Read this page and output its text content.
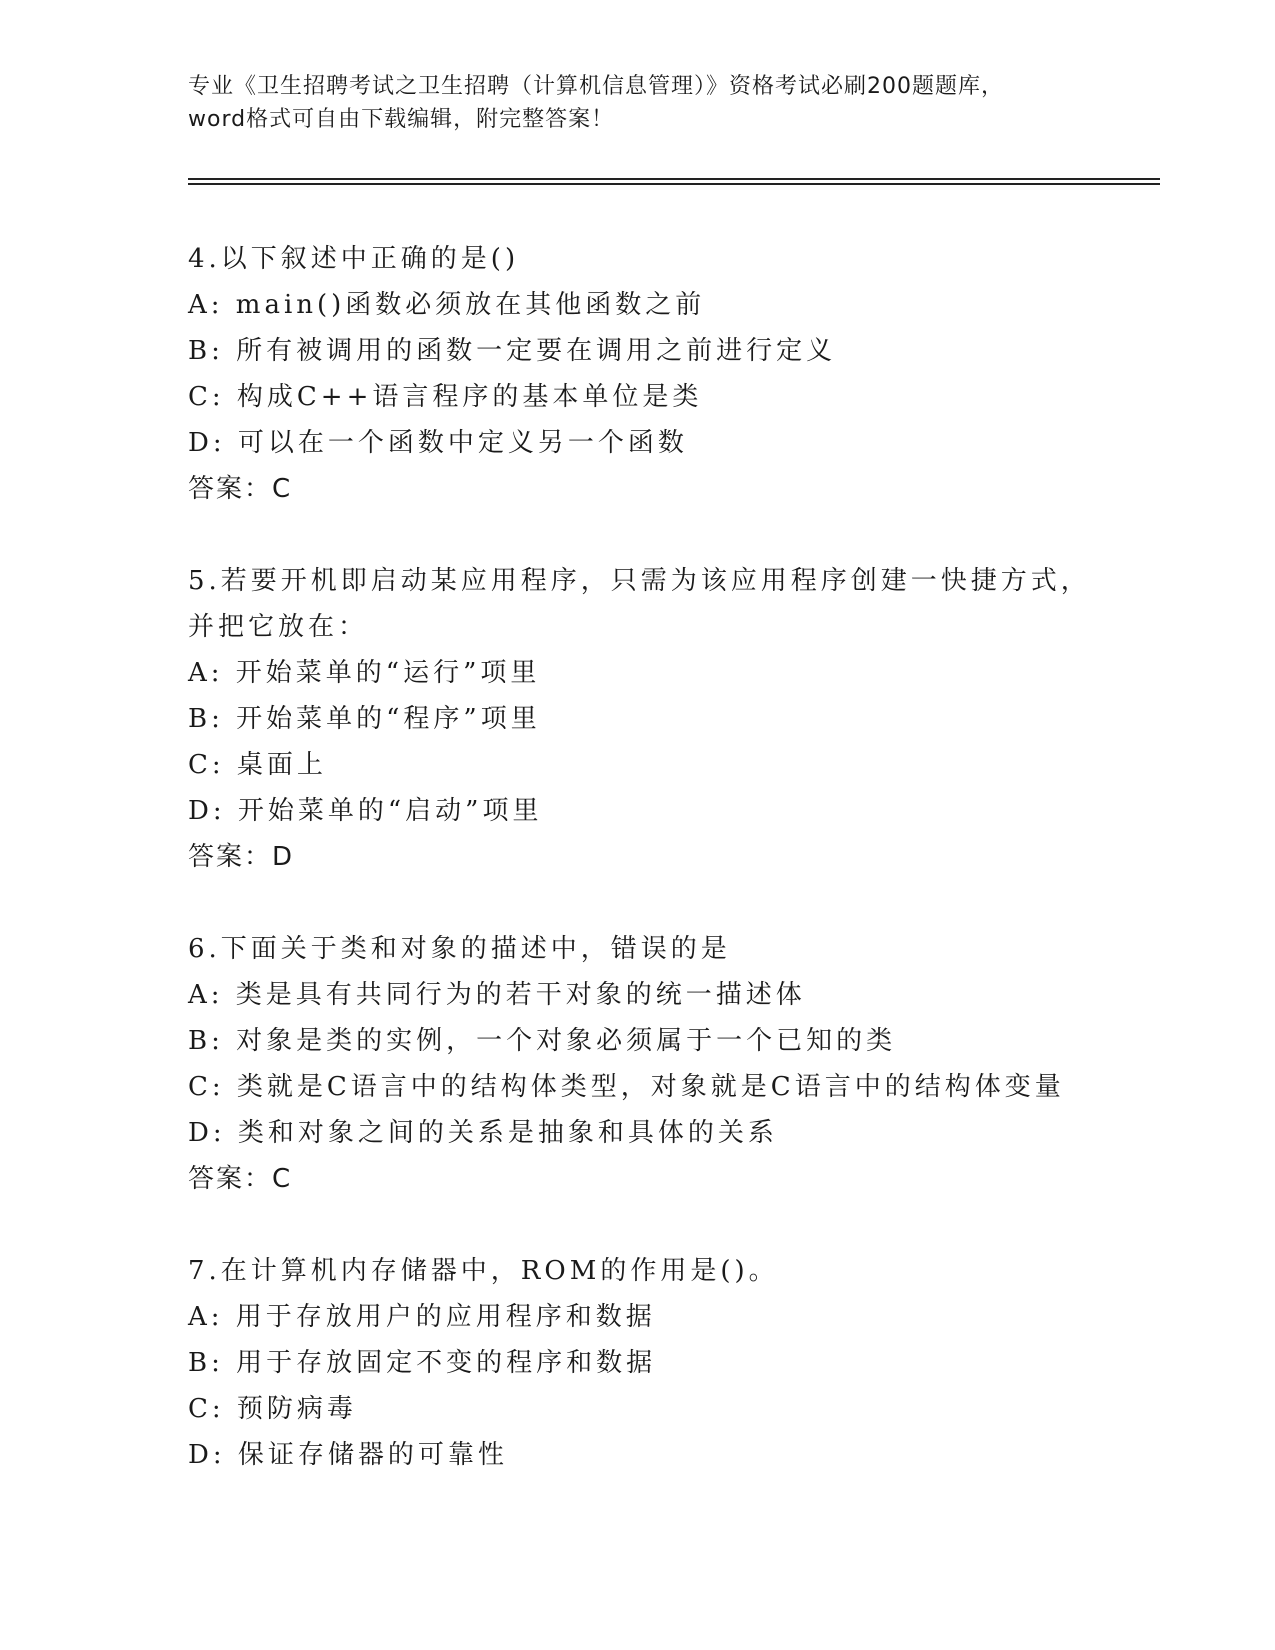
专业《卫生招聘考试之卫生招聘（计算机信息管理）》资格考试必刷200题题库，
word格式可自由下载编辑，附完整答案！
4.以下叙述中正确的是()
A: main()函数必须放在其他函数之前
B: 所有被调用的函数一定要在调用之前进行定义
C: 构成C++语言程序的基本单位是类
D: 可以在一个函数中定义另一个函数
答案：C
5.若要开机即启动某应用程序，只需为该应用程序创建一快捷方式，
并把它放在：
A: 开始菜单的“运行”项里
B: 开始菜单的“程序”项里
C: 桌面上
D: 开始菜单的“启动”项里
答案：D
6.下面关于类和对象的描述中，错误的是
A: 类是具有共同行为的若干对象的统一描述体
B: 对象是类的实例，一个对象必须属于一个已知的类
C: 类就是C语言中的结构体类型，对象就是C语言中的结构体变量
D: 类和对象之间的关系是抽象和具体的关系
答案：C
7.在计算机内存储器中，ROM的作用是()。
A: 用于存放用户的应用程序和数据
B: 用于存放固定不变的程序和数据
C: 预防病毒
D: 保证存储器的可靠性
